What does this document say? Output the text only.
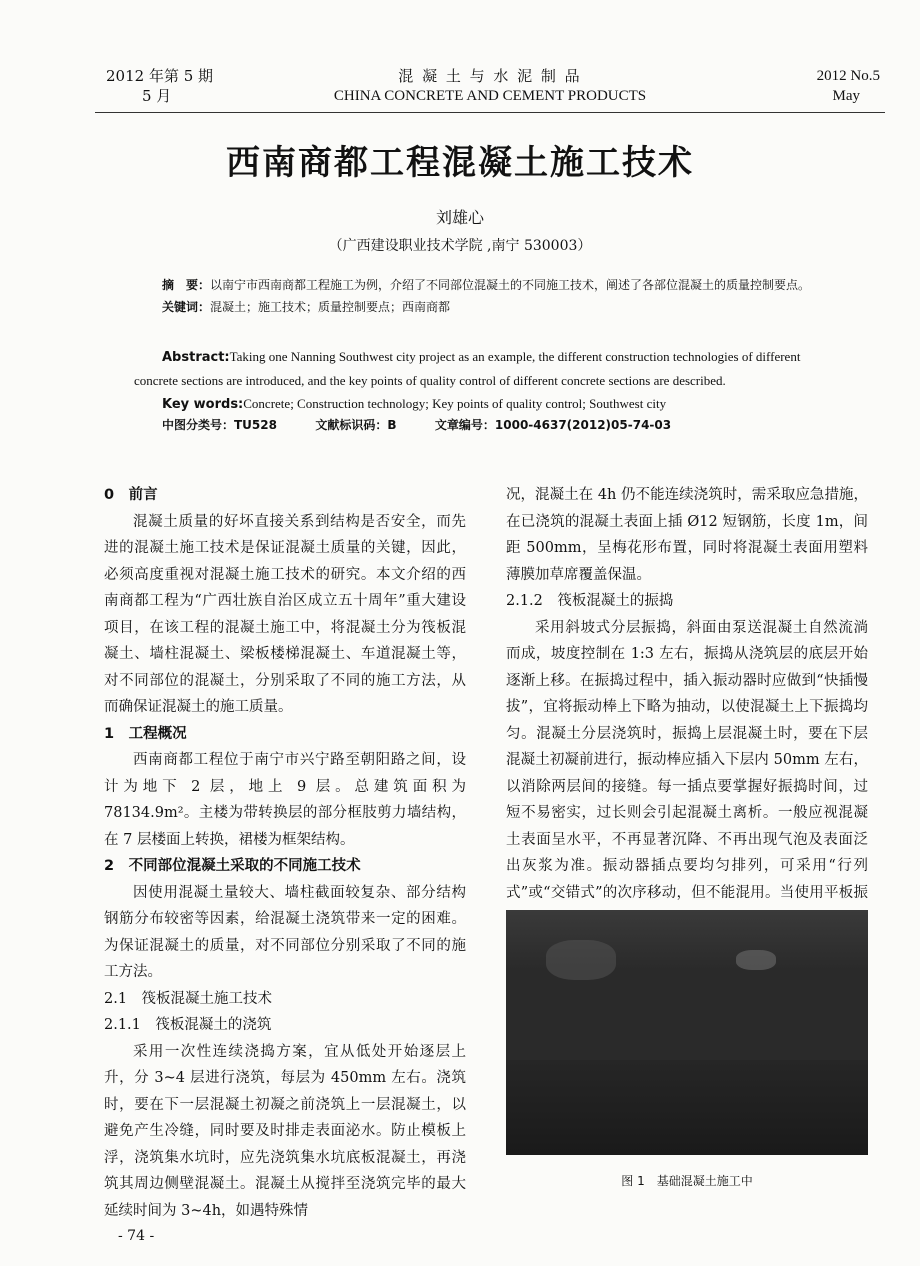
2012 年第 5 期
5 月
混 凝 土 与 水 泥 制 品
CHINA CONCRETE AND CEMENT PRODUCTS
2012 No.5
May
西南商都工程混凝土施工技术
刘雄心
（广西建设职业技术学院 ,南宁 530003）
摘　要：以南宁市西南商都工程施工为例，介绍了不同部位混凝土的不同施工技术，阐述了各部位混凝土的质量控制要点。
关键词：混凝土；施工技术；质量控制要点；西南商都
Abstract:Taking one Nanning Southwest city project as an example, the different construction technologies of different concrete sections are introduced, and the key points of quality control of different concrete sections are described.
Key words:Concrete; Construction technology; Key points of quality control; Southwest city
中图分类号：TU528	文献标识码：B	文章编号：1000-4637(2012)05-74-03
0　前言

混凝土质量的好坏直接关系到结构是否安全，而先进的混凝土施工技术是保证混凝土质量的关键，因此，必须高度重视对混凝土施工技术的研究。本文介绍的西南商都工程为“广西壮族自治区成立五十周年”重大建设项目，在该工程的混凝土施工中，将混凝土分为筏板混凝土、墙柱混凝土、梁板楼梯混凝土、车道混凝土等，对不同部位的混凝土，分别采取了不同的施工方法，从而确保证混凝土的施工质量。

1　工程概况

西南商都工程位于南宁市兴宁路至朝阳路之间，设计为地下 2 层，地上 9 层。总建筑面积为 78134.9m²。主楼为带转换层的部分框肢剪力墙结构，在 7 层楼面上转换，裙楼为框架结构。

2　不同部位混凝土采取的不同施工技术

因使用混凝土量较大、墙柱截面较复杂、部分结构钢筋分布较密等因素，给混凝土浇筑带来一定的困难。为保证混凝土的质量，对不同部位分别采取了不同的施工方法。

2.1　筏板混凝土施工技术
2.1.1　筏板混凝土的浇筑

采用一次性连续浇捣方案，宜从低处开始逐层上升，分 3~4 层进行浇筑，每层为 450mm 左右。浇筑时，要在下一层混凝土初凝之前浇筑上一层混凝土，以避免产生冷缝，同时要及时排走表面泌水。防止模板上浮，浇筑集水坑时，应先浇筑集水坑底板混凝土，再浇筑其周边侧壁混凝土。混凝土从搅拌至浇筑完毕的最大延续时间为 3~4h，如遇特殊情

况，混凝土在 4h 仍不能连续浇筑时，需采取应急措施，在已浇筑的混凝土表面上插 Ø12 短钢筋，长度 1m，间距 500mm，呈梅花形布置，同时将混凝土表面用塑料薄膜加草席覆盖保温。
2.1.2　筏板混凝土的振捣

采用斜坡式分层振捣，斜面由泵送混凝土自然流淌而成，坡度控制在 1:3 左右，振捣从浇筑层的底层开始逐渐上移。在振捣过程中，插入振动器时应做到“快插慢拔”，宜将振动棒上下略为抽动，以使混凝土上下振捣均匀。混凝土分层浇筑时，振捣上层混凝土时，要在下层混凝土初凝前进行，振动棒应插入下层内 50mm 左右，以消除两层间的接缝。每一插点要掌握好振捣时间，过短不易密实，过长则会引起混凝土离析。一般应视混凝土表面呈水平，不再显著沉降、不再出现气泡及表面泛出灰浆为准。振动器插点要均匀排列，可采用“行列式”或“交错式”的次序移动，但不能混用。当使用平板振

图 1　基础混凝土施工中
- 74 -
